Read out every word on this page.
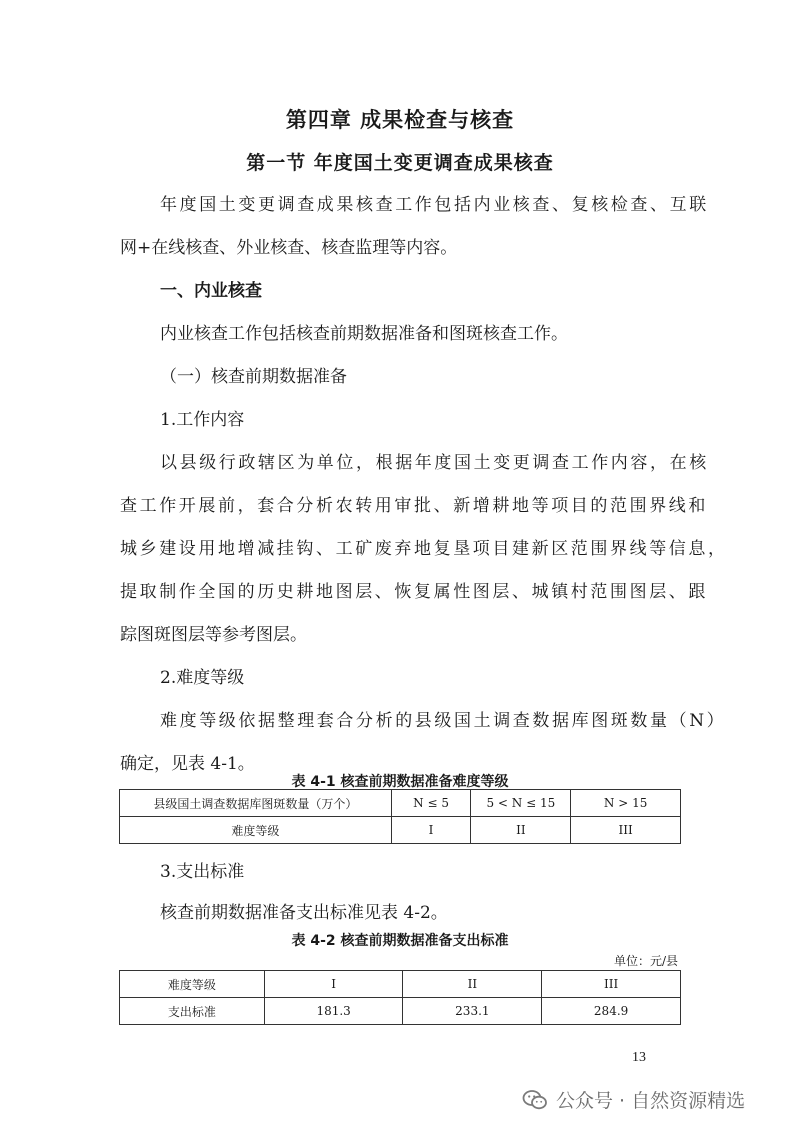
第四章 成果检查与核查
第一节 年度国土变更调查成果核查
年度国土变更调查成果核查工作包括内业核查、复核检查、互联
网+在线核查、外业核查、核查监理等内容。
一、内业核查
内业核查工作包括核查前期数据准备和图斑核查工作。
（一）核查前期数据准备
1.工作内容
以县级行政辖区为单位，根据年度国土变更调查工作内容，在核
查工作开展前，套合分析农转用审批、新增耕地等项目的范围界线和
城乡建设用地增减挂钩、工矿废弃地复垦项目建新区范围界线等信息，
提取制作全国的历史耕地图层、恢复属性图层、城镇村范围图层、跟
踪图斑图层等参考图层。
2.难度等级
难度等级依据整理套合分析的县级国土调查数据库图斑数量（N）
确定，见表 4-1。
表 4-1 核查前期数据准备难度等级
县级国土调查数据库图斑数量（万个）	N ≤ 5	5 < N ≤ 15	N > 15
难度等级	I	II	III
3.支出标准
核查前期数据准备支出标准见表 4-2。
表 4-2 核查前期数据准备支出标准
单位：元/县
难度等级	I	II	III
支出标准	181.3	233.1	284.9
13
公众号 · 自然资源精选
